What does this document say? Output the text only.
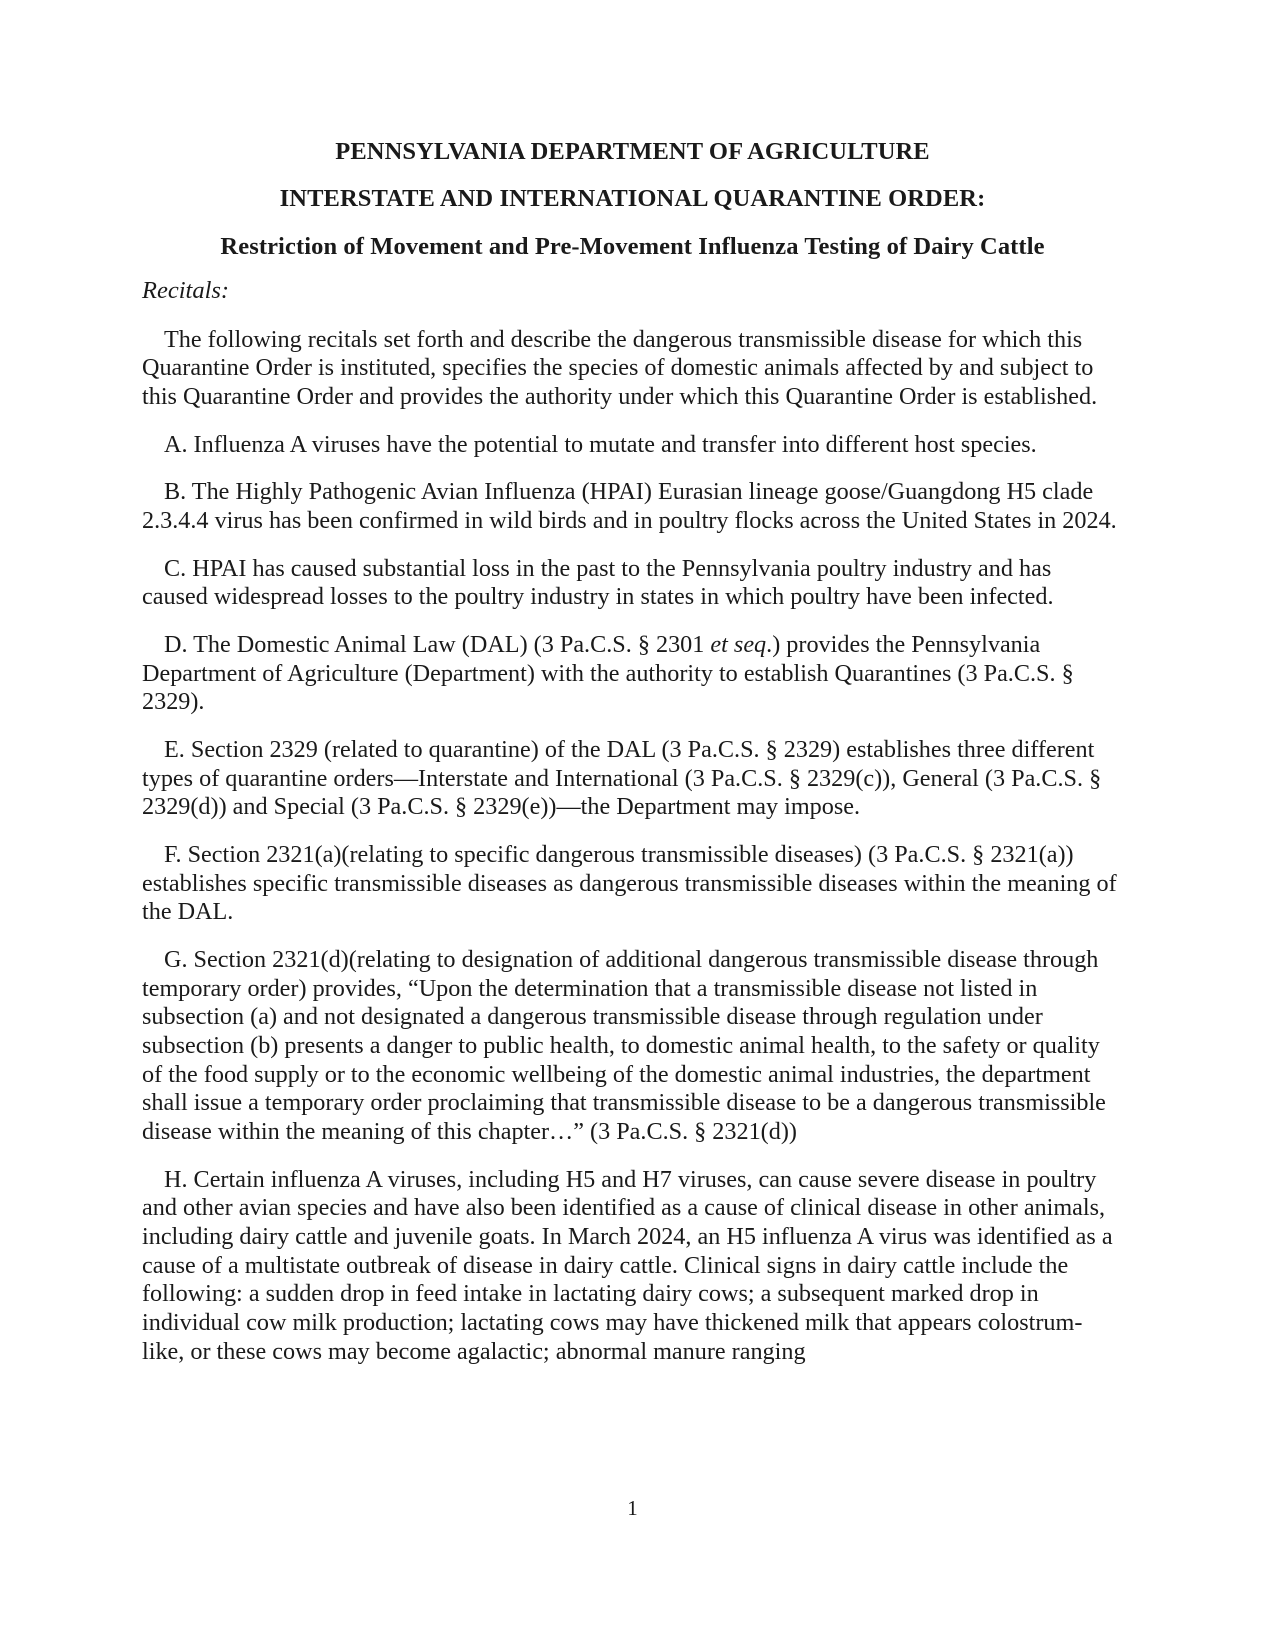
PENNSYLVANIA DEPARTMENT OF AGRICULTURE
INTERSTATE AND INTERNATIONAL QUARANTINE ORDER:
Restriction of Movement and Pre-Movement Influenza Testing of Dairy Cattle
Recitals:

The following recitals set forth and describe the dangerous transmissible disease for which this Quarantine Order is instituted, specifies the species of domestic animals affected by and subject to this Quarantine Order and provides the authority under which this Quarantine Order is established.

A. Influenza A viruses have the potential to mutate and transfer into different host species.

B. The Highly Pathogenic Avian Influenza (HPAI) Eurasian lineage goose/Guangdong H5 clade 2.3.4.4 virus has been confirmed in wild birds and in poultry flocks across the United States in 2024.

C. HPAI has caused substantial loss in the past to the Pennsylvania poultry industry and has caused widespread losses to the poultry industry in states in which poultry have been infected.

D. The Domestic Animal Law (DAL) (3 Pa.C.S. § 2301 et seq.) provides the Pennsylvania Department of Agriculture (Department) with the authority to establish Quarantines (3 Pa.C.S. § 2329).

E. Section 2329 (related to quarantine) of the DAL (3 Pa.C.S. § 2329) establishes three different types of quarantine orders—Interstate and International (3 Pa.C.S. § 2329(c)), General (3 Pa.C.S. § 2329(d)) and Special (3 Pa.C.S. § 2329(e))—the Department may impose.

F. Section 2321(a)(relating to specific dangerous transmissible diseases) (3 Pa.C.S. § 2321(a)) establishes specific transmissible diseases as dangerous transmissible diseases within the meaning of the DAL.

G. Section 2321(d)(relating to designation of additional dangerous transmissible disease through temporary order) provides, “Upon the determination that a transmissible disease not listed in subsection (a) and not designated a dangerous transmissible disease through regulation under subsection (b) presents a danger to public health, to domestic animal health, to the safety or quality of the food supply or to the economic wellbeing of the domestic animal industries, the department shall issue a temporary order proclaiming that transmissible disease to be a dangerous transmissible disease within the meaning of this chapter…” (3 Pa.C.S. § 2321(d))

H. Certain influenza A viruses, including H5 and H7 viruses, can cause severe disease in poultry and other avian species and have also been identified as a cause of clinical disease in other animals, including dairy cattle and juvenile goats. In March 2024, an H5 influenza A virus was identified as a cause of a multistate outbreak of disease in dairy cattle. Clinical signs in dairy cattle include the following: a sudden drop in feed intake in lactating dairy cows; a subsequent marked drop in individual cow milk production; lactating cows may have thickened milk that appears colostrum-like, or these cows may become agalactic; abnormal manure ranging

1
